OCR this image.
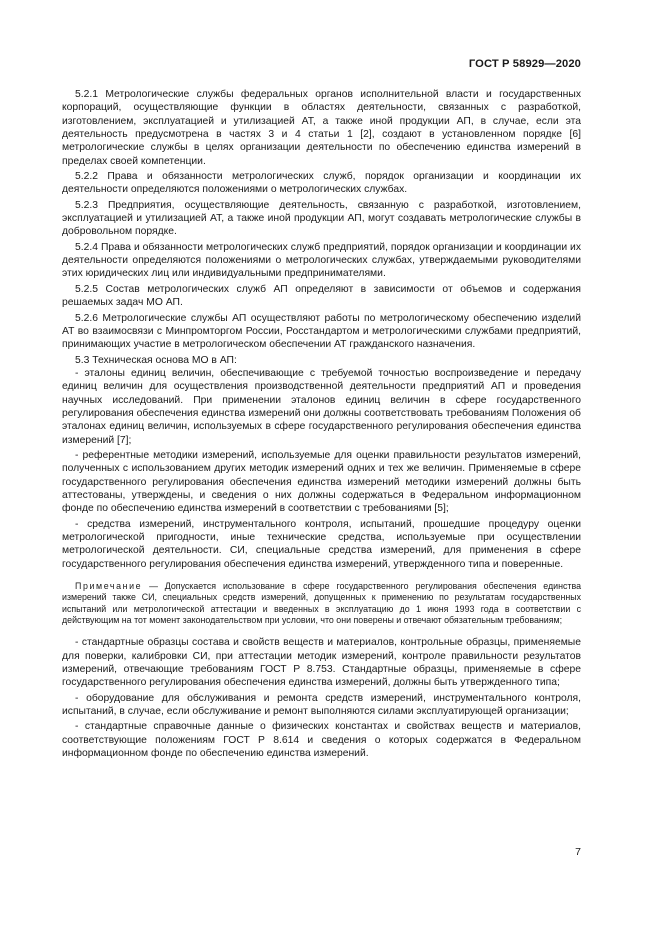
ГОСТ Р 58929—2020

5.2.1 Метрологические службы федеральных органов исполнительной власти и государственных корпораций, осуществляющие функции в областях деятельности, связанных с разработкой, изготовлением, эксплуатацией и утилизацией АТ, а также иной продукции АП, в случае, если эта деятельность предусмотрена в частях 3 и 4 статьи 1 [2], создают в установленном порядке [6] метрологические службы в целях организации деятельности по обеспечению единства измерений в пределах своей компетенции.

5.2.2 Права и обязанности метрологических служб, порядок организации и координации их деятельности определяются положениями о метрологических службах.

5.2.3 Предприятия, осуществляющие деятельность, связанную с разработкой, изготовлением, эксплуатацией и утилизацией АТ, а также иной продукции АП, могут создавать метрологические службы в добровольном порядке.

5.2.4 Права и обязанности метрологических служб предприятий, порядок организации и координации их деятельности определяются положениями о метрологических службах, утверждаемыми руководителями этих юридических лиц или индивидуальными предпринимателями.

5.2.5 Состав метрологических служб АП определяют в зависимости от объемов и содержания решаемых задач МО АП.

5.2.6 Метрологические службы АП осуществляют работы по метрологическому обеспечению изделий АТ во взаимосвязи с Минпромторгом России, Росстандартом и метрологическими службами предприятий, принимающих участие в метрологическом обеспечении АТ гражданского назначения.

5.3 Техническая основа МО в АП:

- эталоны единиц величин, обеспечивающие с требуемой точностью воспроизведение и передачу единиц величин для осуществления производственной деятельности предприятий АП и проведения научных исследований. При применении эталонов единиц величин в сфере государственного регулирования обеспечения единства измерений они должны соответствовать требованиям Положения об эталонах единиц величин, используемых в сфере государственного регулирования обеспечения единства измерений [7];

- референтные методики измерений, используемые для оценки правильности результатов измерений, полученных с использованием других методик измерений одних и тех же величин. Применяемые в сфере государственного регулирования обеспечения единства измерений методики измерений должны быть аттестованы, утверждены, и сведения о них должны содержаться в Федеральном информационном фонде по обеспечению единства измерений в соответствии с требованиями [5];

- средства измерений, инструментального контроля, испытаний, прошедшие процедуру оценки метрологической пригодности, иные технические средства, используемые при осуществлении метрологической деятельности. СИ, специальные средства измерений, для применения в сфере государственного регулирования обеспечения единства измерений, утвержденного типа и поверенные.

Примечание — Допускается использование в сфере государственного регулирования обеспечения единства измерений также СИ, специальных средств измерений, допущенных к применению по результатам государственных испытаний или метрологической аттестации и введенных в эксплуатацию до 1 июня 1993 года в соответствии с действующим на тот момент законодательством при условии, что они поверены и отвечают обязательным требованиям;

- стандартные образцы состава и свойств веществ и материалов, контрольные образцы, применяемые для поверки, калибровки СИ, при аттестации методик измерений, контроле правильности результатов измерений, отвечающие требованиям ГОСТ Р 8.753. Стандартные образцы, применяемые в сфере государственного регулирования обеспечения единства измерений, должны быть утвержденного типа;

- оборудование для обслуживания и ремонта средств измерений, инструментального контроля, испытаний, в случае, если обслуживание и ремонт выполняются силами эксплуатирующей организации;

- стандартные справочные данные о физических константах и свойствах веществ и материалов, соответствующие положениям ГОСТ Р 8.614 и сведения о которых содержатся в Федеральном информационном фонде по обеспечению единства измерений.

7
